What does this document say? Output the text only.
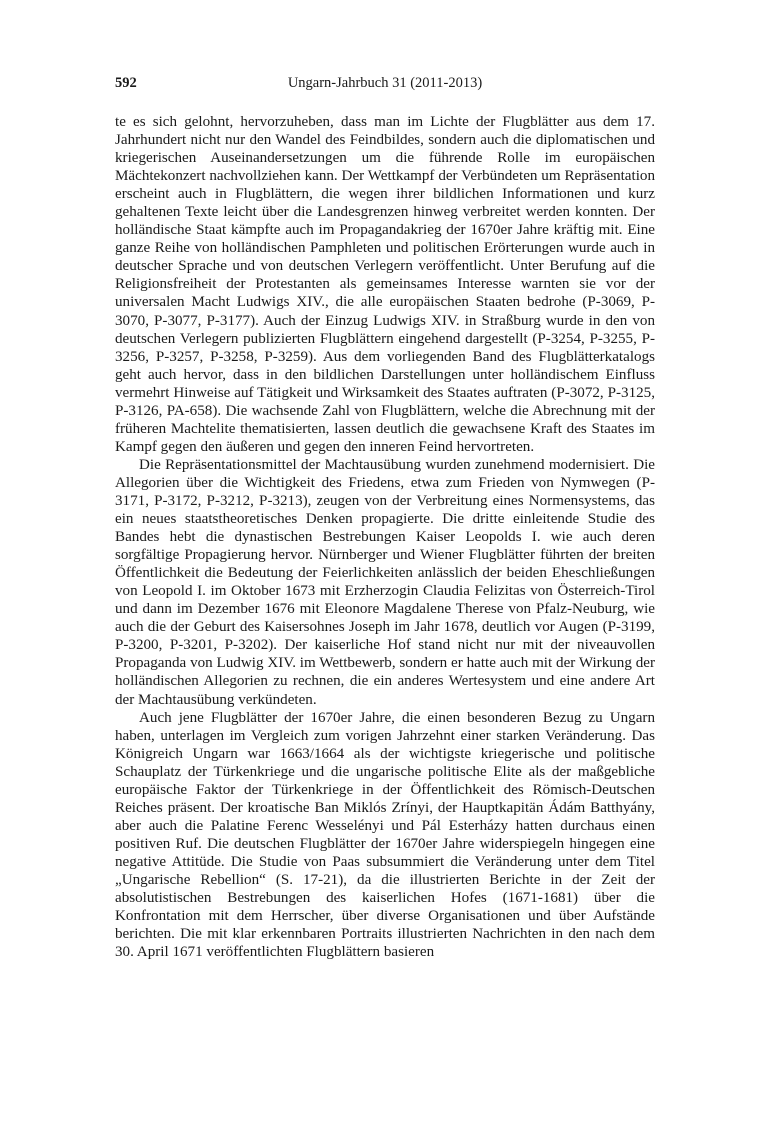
Ungarn-Jahrbuch 31 (2011-2013)
592

te es sich gelohnt, hervorzuheben, dass man im Lichte der Flugblätter aus dem 17. Jahrhundert nicht nur den Wandel des Feindbildes, sondern auch die diplomatischen und kriegerischen Auseinandersetzungen um die führende Rolle im europäischen Mächtekonzert nachvollziehen kann. Der Wettkampf der Verbündeten um Repräsentation erscheint auch in Flugblättern, die wegen ihrer bildlichen Informationen und kurz gehaltenen Texte leicht über die Landesgrenzen hinweg verbreitet werden konnten. Der holländische Staat kämpfte auch im Propagandakrieg der 1670er Jahre kräftig mit. Eine ganze Reihe von holländischen Pamphleten und politischen Erörterungen wurde auch in deutscher Sprache und von deutschen Verlegern veröffentlicht. Unter Berufung auf die Religionsfreiheit der Protestanten als gemeinsames Interesse warnten sie vor der universalen Macht Ludwigs XIV., die alle europäischen Staaten bedrohe (P-3069, P-3070, P-3077, P-3177). Auch der Einzug Ludwigs XIV. in Straßburg wurde in den von deutschen Verlegern publizierten Flugblättern eingehend dargestellt (P-3254, P-3255, P-3256, P-3257, P-3258, P-3259). Aus dem vorliegenden Band des Flugblätterkatalogs geht auch hervor, dass in den bildlichen Darstellungen unter holländischem Einfluss vermehrt Hinweise auf Tätigkeit und Wirksamkeit des Staates auftraten (P-3072, P-3125, P-3126, PA-658). Die wachsende Zahl von Flugblättern, welche die Abrechnung mit der früheren Machtelite thematisierten, lassen deutlich die gewachsene Kraft des Staates im Kampf gegen den äußeren und gegen den inneren Feind hervortreten.

Die Repräsentationsmittel der Machtausübung wurden zunehmend modernisiert. Die Allegorien über die Wichtigkeit des Friedens, etwa zum Frieden von Nymwegen (P-3171, P-3172, P-3212, P-3213), zeugen von der Verbreitung eines Normensystems, das ein neues staatstheoretisches Denken propagierte. Die dritte einleitende Studie des Bandes hebt die dynastischen Bestrebungen Kaiser Leopolds I. wie auch deren sorgfältige Propagierung hervor. Nürnberger und Wiener Flugblätter führten der breiten Öffentlichkeit die Bedeutung der Feierlichkeiten anlässlich der beiden Eheschließungen von Leopold I. im Oktober 1673 mit Erzherzogin Claudia Felizitas von Österreich-Tirol und dann im Dezember 1676 mit Eleonore Magdalene Therese von Pfalz-Neuburg, wie auch die der Geburt des Kaisersohnes Joseph im Jahr 1678, deutlich vor Augen (P-3199, P-3200, P-3201, P-3202). Der kaiserliche Hof stand nicht nur mit der niveauvollen Propaganda von Ludwig XIV. im Wettbewerb, sondern er hatte auch mit der Wirkung der holländischen Allegorien zu rechnen, die ein anderes Wertesystem und eine andere Art der Machtausübung verkündeten.

Auch jene Flugblätter der 1670er Jahre, die einen besonderen Bezug zu Ungarn haben, unterlagen im Vergleich zum vorigen Jahrzehnt einer starken Veränderung. Das Königreich Ungarn war 1663/1664 als der wichtigste kriegerische und politische Schauplatz der Türkenkriege und die ungarische politische Elite als der maßgebliche europäische Faktor der Türkenkriege in der Öffentlichkeit des Römisch-Deutschen Reiches präsent. Der kroatische Ban Miklós Zrínyi, der Hauptkapitän Ádám Batthyány, aber auch die Palatine Ferenc Wesselényi und Pál Esterházy hatten durchaus einen positiven Ruf. Die deutschen Flugblätter der 1670er Jahre widerspiegeln hingegen eine negative Attitüde. Die Studie von Paas subsummiert die Veränderung unter dem Titel „Ungarische Rebellion“ (S. 17-21), da die illustrierten Berichte in der Zeit der absolutistischen Bestrebungen des kaiserlichen Hofes (1671-1681) über die Konfrontation mit dem Herrscher, über diverse Organisationen und über Aufstände berichten. Die mit klar erkennbaren Portraits illustrierten Nachrichten in den nach dem 30. April 1671 veröffentlichten Flugblättern basieren
